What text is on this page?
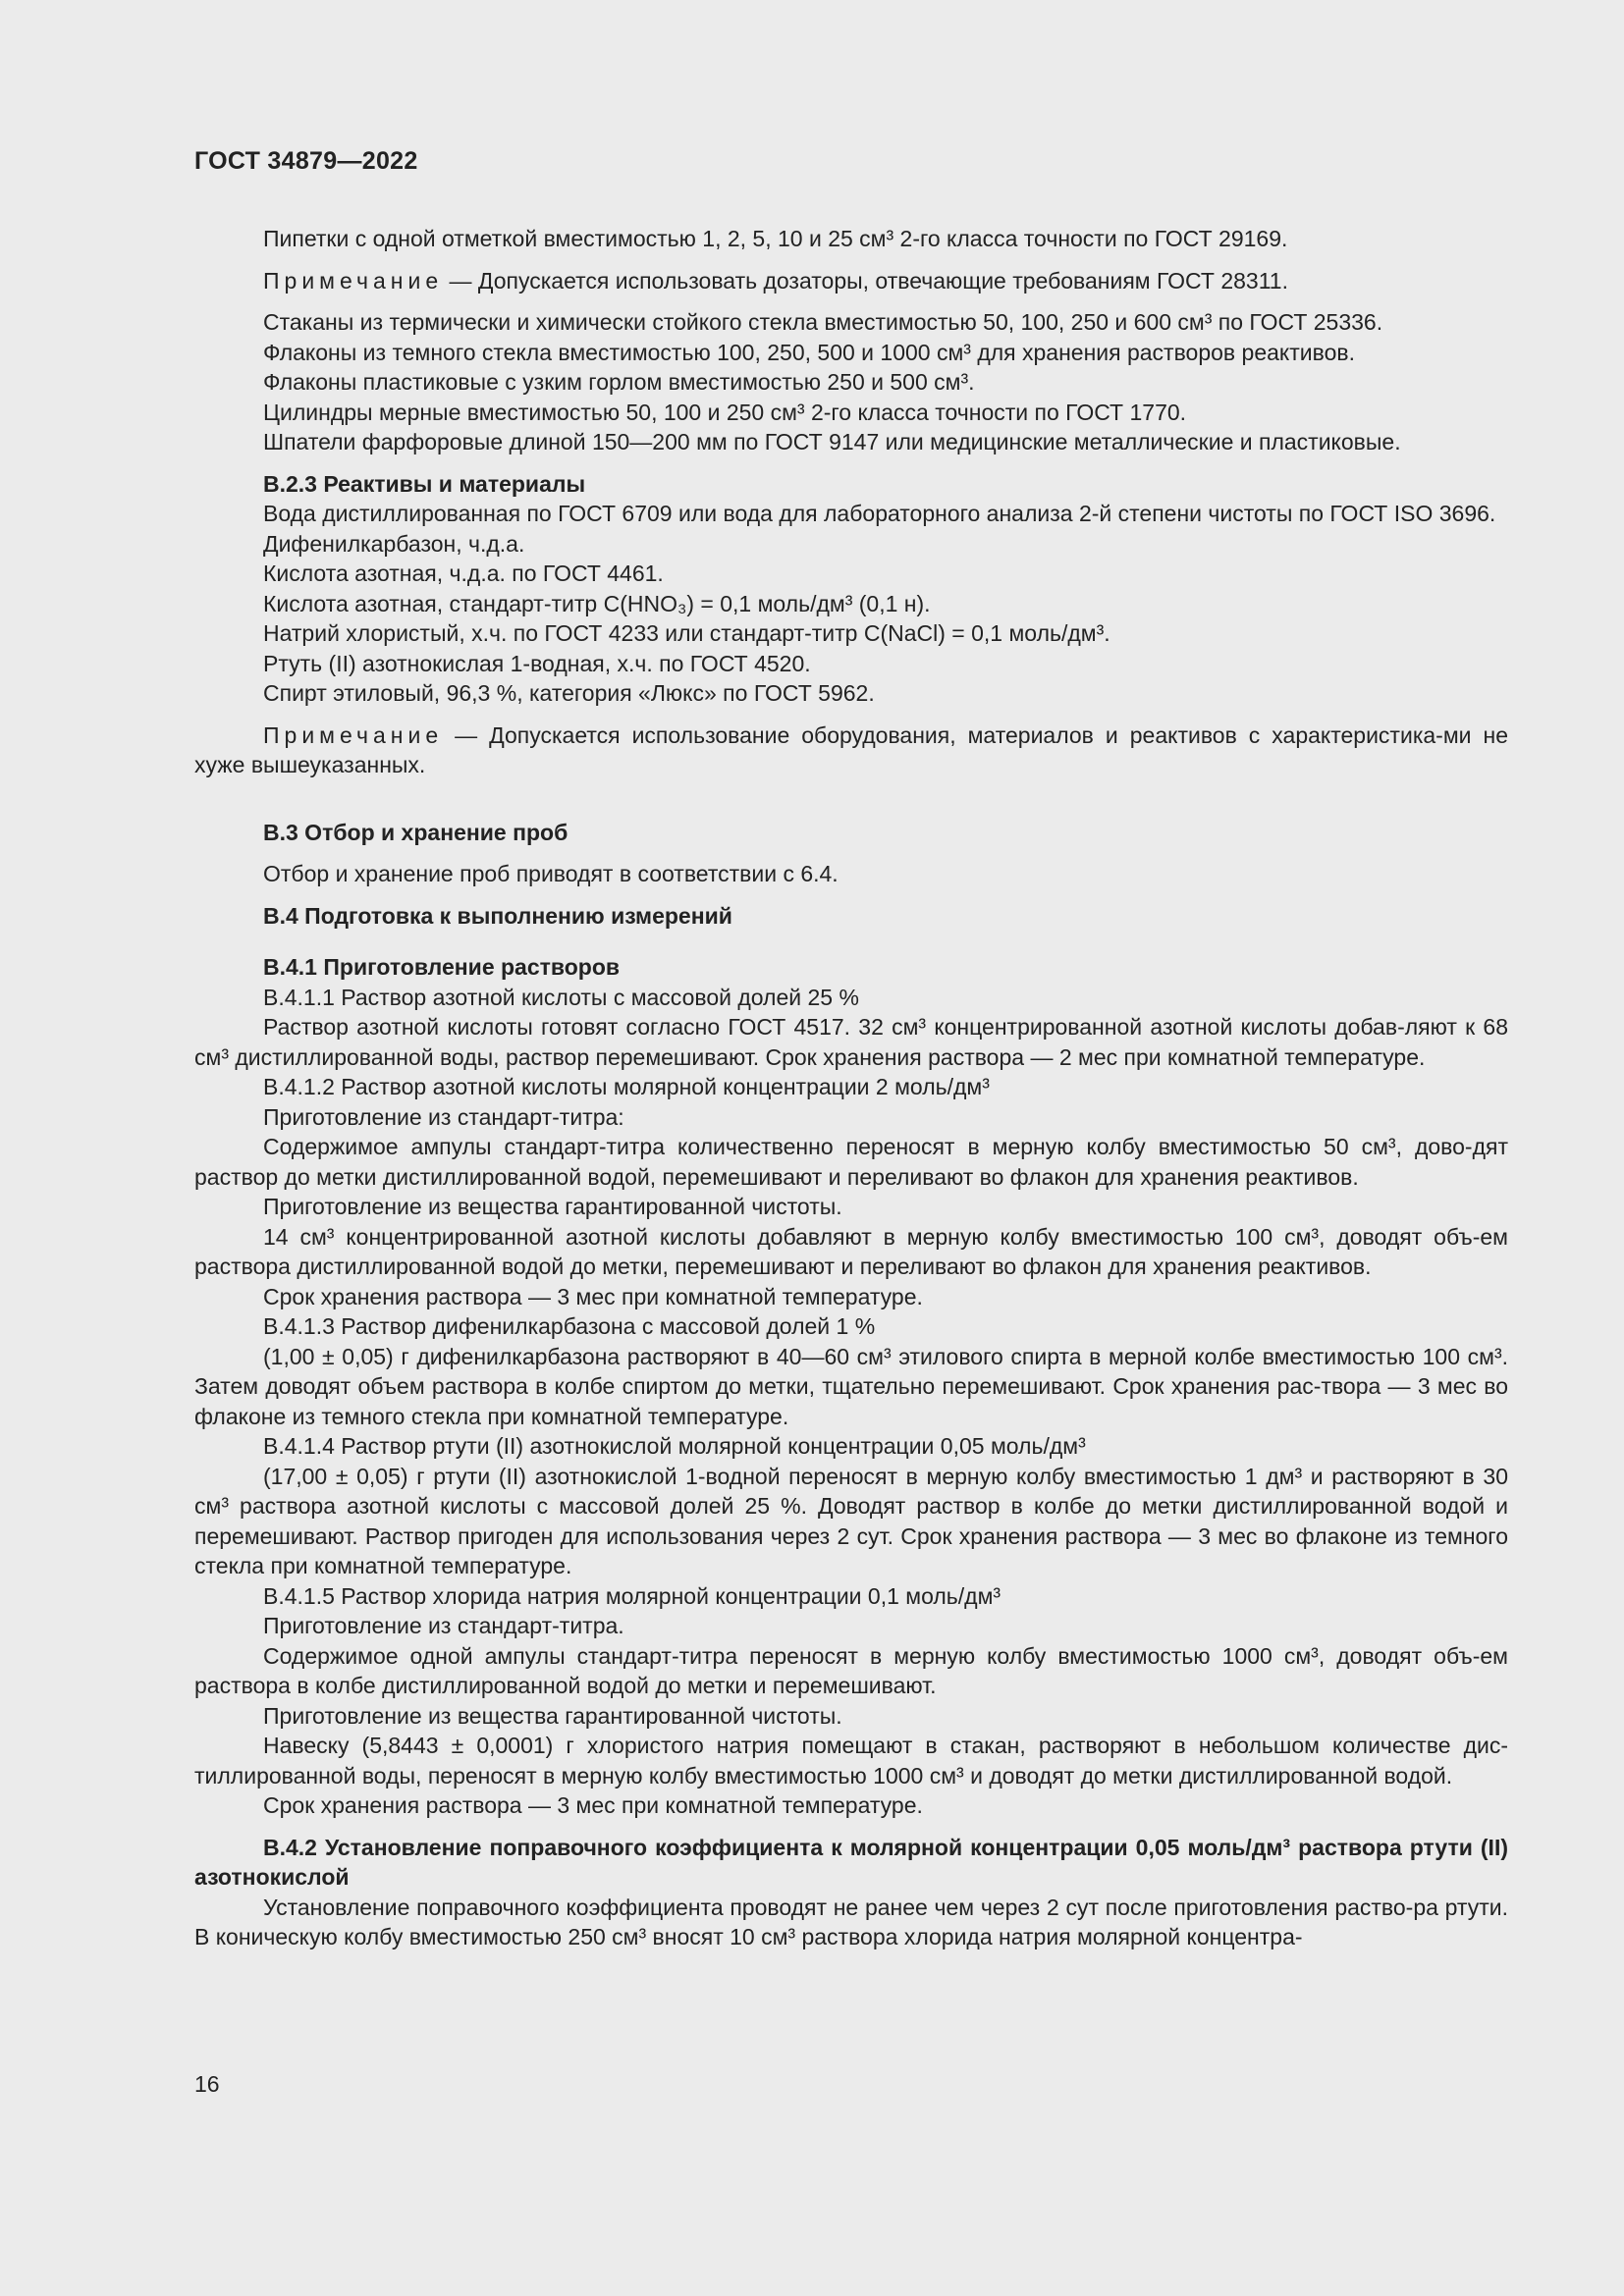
ГОСТ 34879—2022

Пипетки с одной отметкой вместимостью 1, 2, 5, 10 и 25 см³ 2-го класса точности по ГОСТ 29169.

Примечание — Допускается использовать дозаторы, отвечающие требованиям ГОСТ 28311.

Стаканы из термически и химически стойкого стекла вместимостью 50, 100, 250 и 600 см³ по ГОСТ 25336.

Флаконы из темного стекла вместимостью 100, 250, 500 и 1000 см³ для хранения растворов реактивов.

Флаконы пластиковые с узким горлом вместимостью 250 и 500 см³.

Цилиндры мерные вместимостью 50, 100 и 250 см³ 2-го класса точности по ГОСТ 1770.

Шпатели фарфоровые длиной 150—200 мм по ГОСТ 9147 или медицинские металлические и пластиковые.

В.2.3 Реактивы и материалы

Вода дистиллированная по ГОСТ 6709 или вода для лабораторного анализа 2-й степени чистоты по ГОСТ ISO 3696.

Дифенилкарбазон, ч.д.а.

Кислота азотная, ч.д.а. по ГОСТ 4461.

Кислота азотная, стандарт-титр C(HNO₃) = 0,1 моль/дм³ (0,1 н).

Натрий хлористый, х.ч. по ГОСТ 4233 или стандарт-титр C(NaCl) = 0,1 моль/дм³.

Ртуть (II) азотнокислая 1-водная, х.ч. по ГОСТ 4520.

Спирт этиловый, 96,3 %, категория «Люкс» по ГОСТ 5962.

Примечание — Допускается использование оборудования, материалов и реактивов с характеристика-ми не хуже вышеуказанных.

В.3 Отбор и хранение проб

Отбор и хранение проб приводят в соответствии с 6.4.

В.4 Подготовка к выполнению измерений

В.4.1 Приготовление растворов

В.4.1.1 Раствор азотной кислоты с массовой долей 25 %

Раствор азотной кислоты готовят согласно ГОСТ 4517. 32 см³ концентрированной азотной кислоты добав-ляют к 68 см³ дистиллированной воды, раствор перемешивают. Срок хранения раствора — 2 мес при комнатной температуре.

В.4.1.2 Раствор азотной кислоты молярной концентрации 2 моль/дм³

Приготовление из стандарт-титра:

Содержимое ампулы стандарт-титра количественно переносят в мерную колбу вместимостью 50 см³, дово-дят раствор до метки дистиллированной водой, перемешивают и переливают во флакон для хранения реактивов.

Приготовление из вещества гарантированной чистоты.

14 см³ концентрированной азотной кислоты добавляют в мерную колбу вместимостью 100 см³, доводят объ-ем раствора дистиллированной водой до метки, перемешивают и переливают во флакон для хранения реактивов.

Срок хранения раствора — 3 мес при комнатной температуре.

В.4.1.3 Раствор дифенилкарбазона с массовой долей 1 %

(1,00 ± 0,05) г дифенилкарбазона растворяют в 40—60 см³ этилового спирта в мерной колбе вместимостью 100 см³. Затем доводят объем раствора в колбе спиртом до метки, тщательно перемешивают. Срок хранения рас-твора — 3 мес во флаконе из темного стекла при комнатной температуре.

В.4.1.4 Раствор ртути (II) азотнокислой молярной концентрации 0,05 моль/дм³

(17,00 ± 0,05) г ртути (II) азотнокислой 1-водной переносят в мерную колбу вместимостью 1 дм³ и растворяют в 30 см³ раствора азотной кислоты с массовой долей 25 %. Доводят раствор в колбе до метки дистиллированной водой и перемешивают. Раствор пригоден для использования через 2 сут. Срок хранения раствора — 3 мес во флаконе из темного стекла при комнатной температуре.

В.4.1.5 Раствор хлорида натрия молярной концентрации 0,1 моль/дм³

Приготовление из стандарт-титра.

Содержимое одной ампулы стандарт-титра переносят в мерную колбу вместимостью 1000 см³, доводят объ-ем раствора в колбе дистиллированной водой до метки и перемешивают.

Приготовление из вещества гарантированной чистоты.

Навеску (5,8443 ± 0,0001) г хлористого натрия помещают в стакан, растворяют в небольшом количестве дис-тиллированной воды, переносят в мерную колбу вместимостью 1000 см³ и доводят до метки дистиллированной водой.

Срок хранения раствора — 3 мес при комнатной температуре.

В.4.2 Установление поправочного коэффициента к молярной концентрации 0,05 моль/дм³ раствора ртути (II) азотнокислой

Установление поправочного коэффициента проводят не ранее чем через 2 сут после приготовления раство-ра ртути. В коническую колбу вместимостью 250 см³ вносят 10 см³ раствора хлорида натрия молярной концентра-

16
